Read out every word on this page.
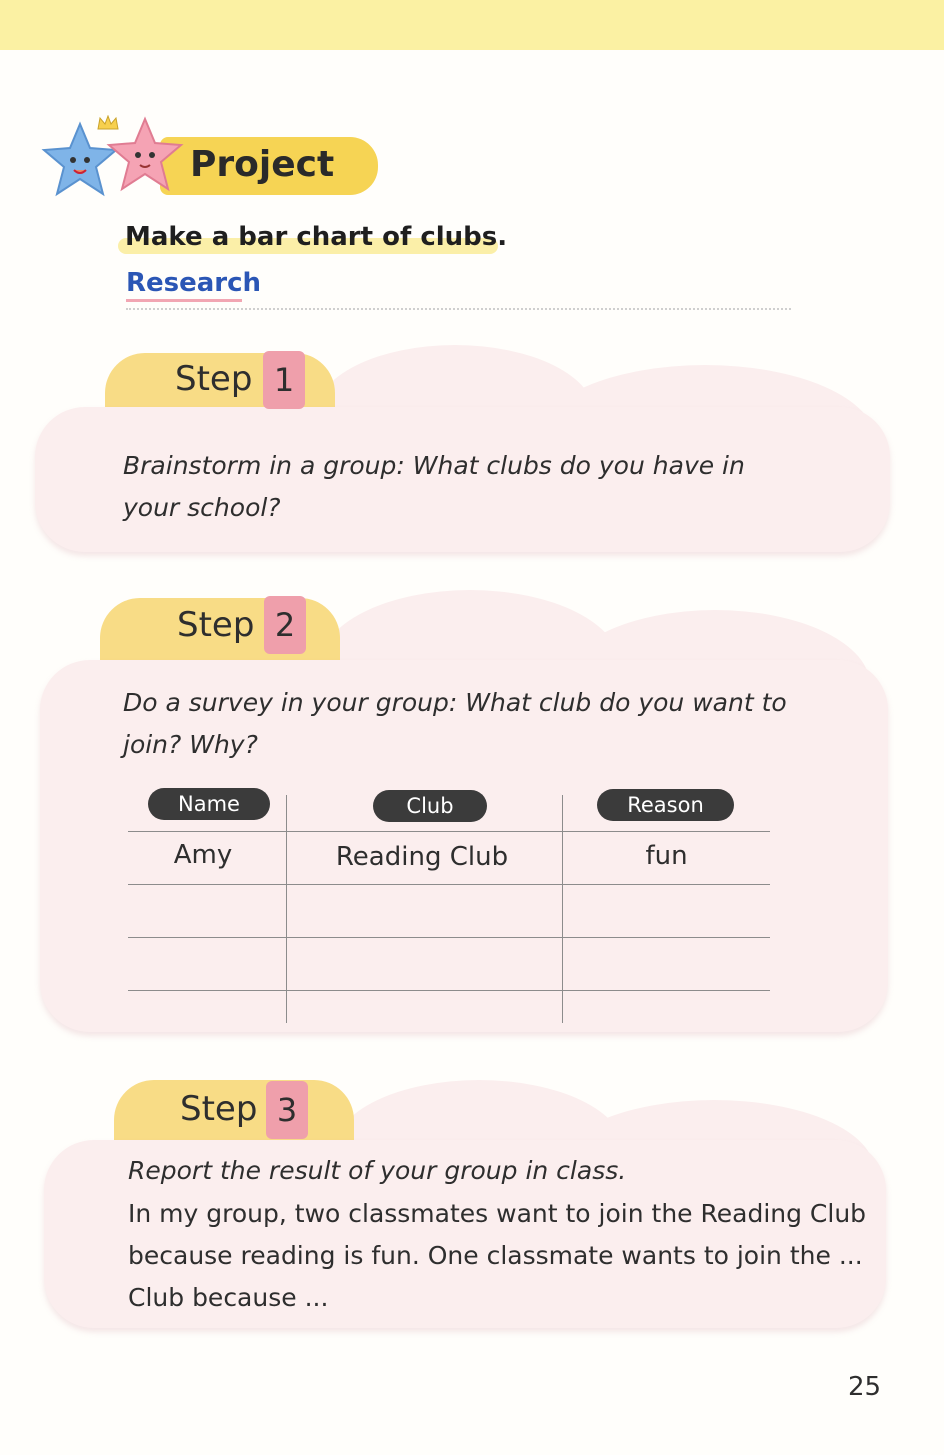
Project
Make a bar chart of clubs.
Research
Step 1
Brainstorm in a group: What clubs do you have in
your school?
Step 2
Do a survey in your group: What club do you want to
join? Why?
Name	Club	Reason
Amy	Reading Club	fun
Step 3
Report the result of your group in class.
In my group, two classmates want to join the Reading Club
because reading is fun. One classmate wants to join the ...
Club because ...
25
